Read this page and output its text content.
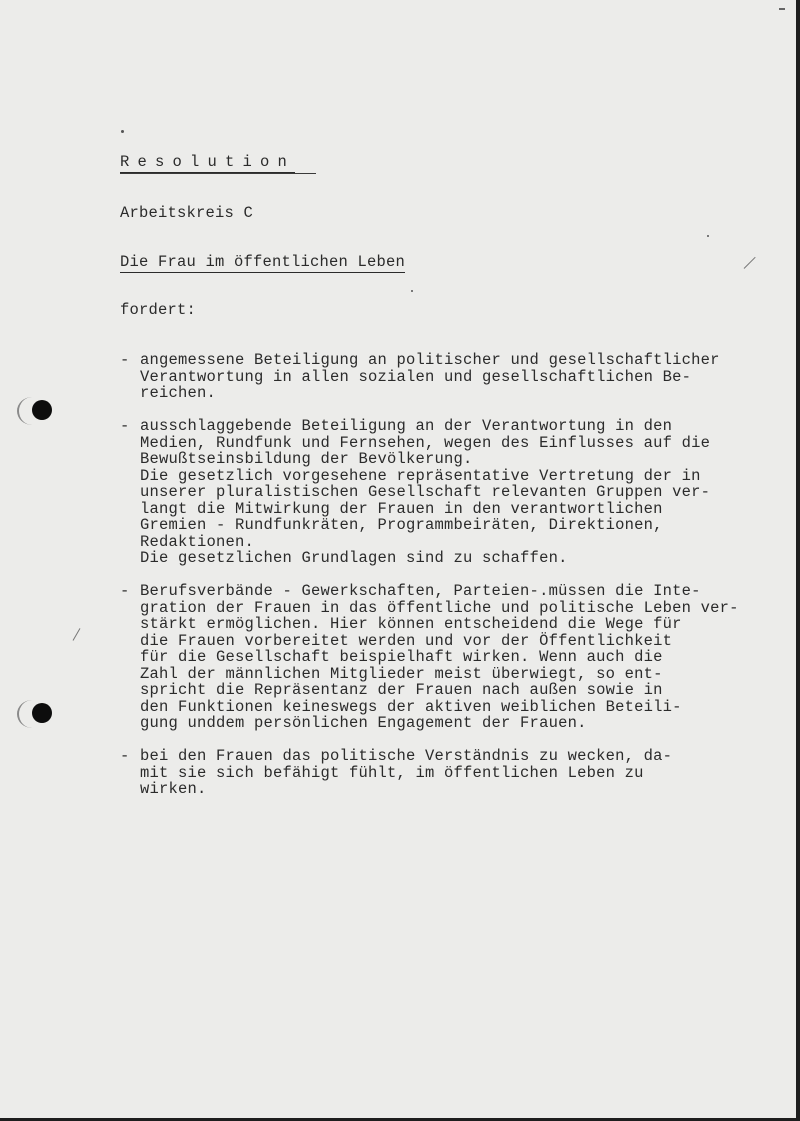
Resolution
Arbeitskreis C
Die Frau im öffentlichen Leben
fordert:
- angemessene Beteiligung an politischer und gesellschaftlicher
Verantwortung in allen sozialen und gesellschaftlichen Be-
reichen.
- ausschlaggebende Beteiligung an der Verantwortung in den
Medien, Rundfunk und Fernsehen, wegen des Einflusses auf die
Bewußtseinsbildung der Bevölkerung.
Die gesetzlich vorgesehene repräsentative Vertretung der in
unserer pluralistischen Gesellschaft relevanten Gruppen ver-
langt die Mitwirkung der Frauen in den verantwortlichen
Gremien - Rundfunkräten, Programmbeiräten, Direktionen,
Redaktionen.
Die gesetzlichen Grundlagen sind zu schaffen.
- Berufsverbände - Gewerkschaften, Parteien-.müssen die Inte-
gration der Frauen in das öffentliche und politische Leben ver-
stärkt ermöglichen. Hier können entscheidend die Wege für
die Frauen vorbereitet werden und vor der Öffentlichkeit
für die Gesellschaft beispielhaft wirken. Wenn auch die
Zahl der männlichen Mitglieder meist überwiegt, so ent-
spricht die Repräsentanz der Frauen nach außen sowie in
den Funktionen keineswegs der aktiven weiblichen Beteili-
gung unddem persönlichen Engagement der Frauen.
- bei den Frauen das politische Verständnis zu wecken, da-
mit sie sich befähigt fühlt, im öffentlichen Leben zu
wirken.
